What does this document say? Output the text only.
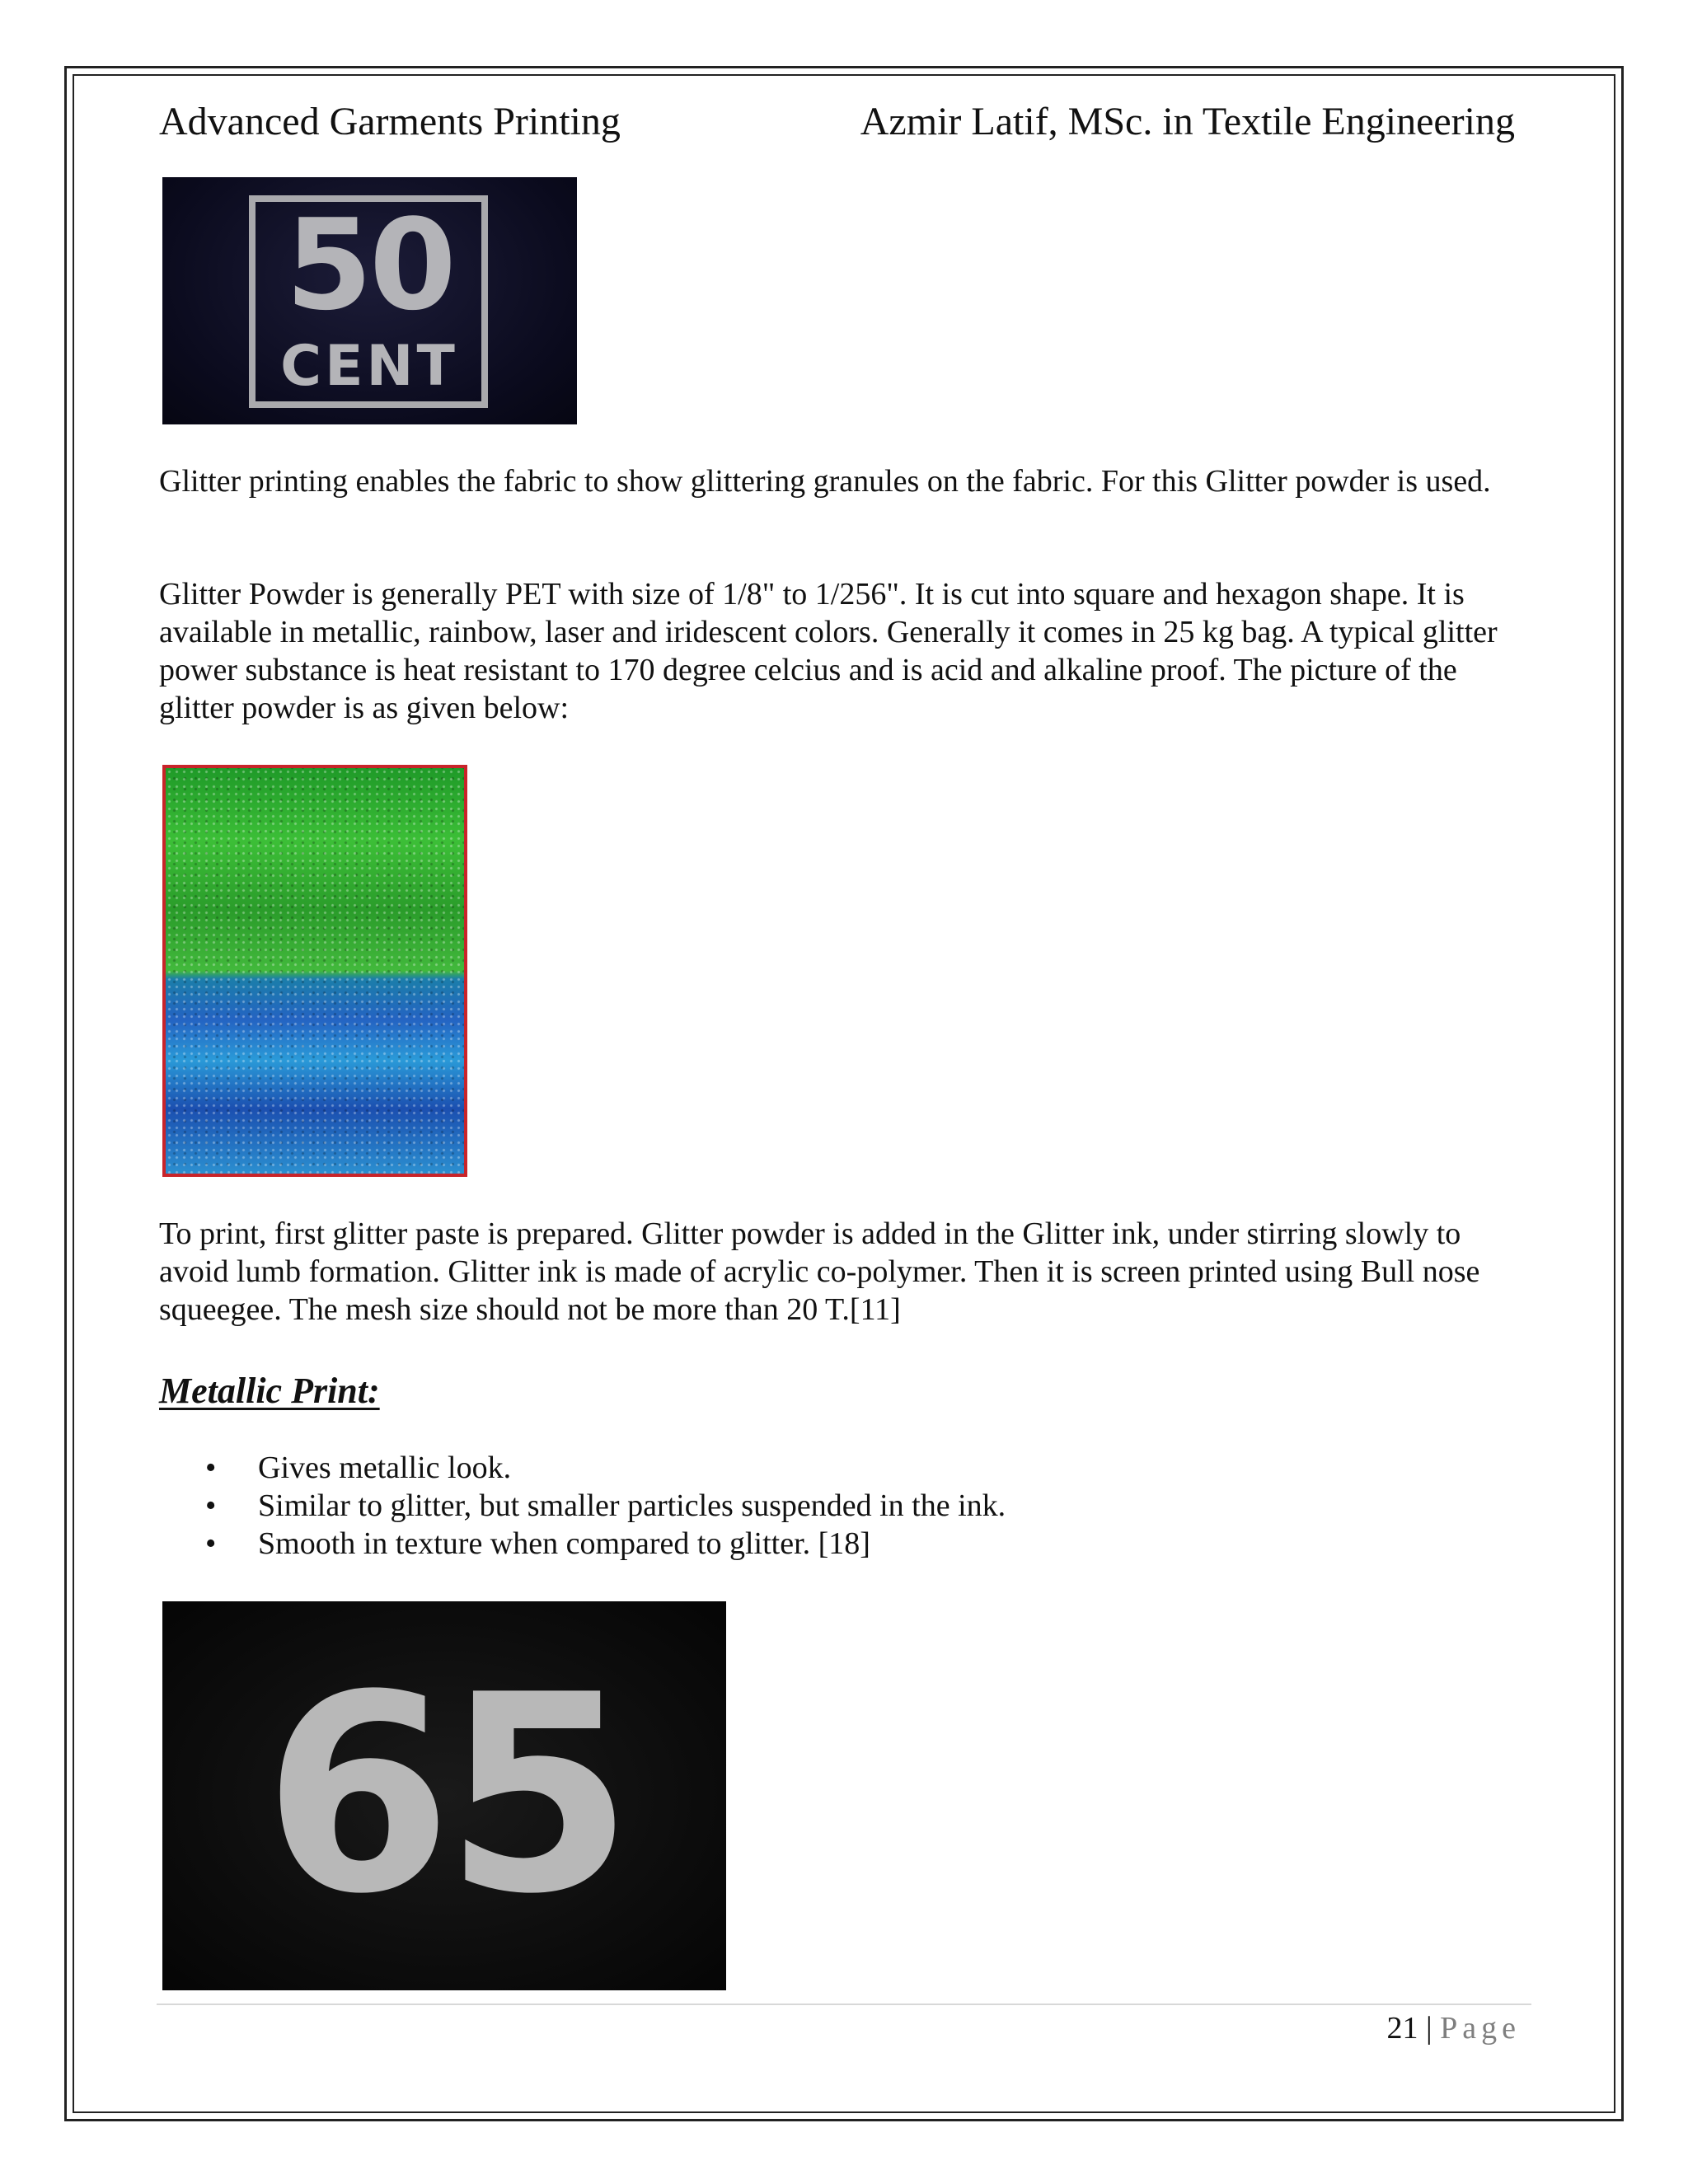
Advanced Garments Printing	Azmir Latif, MSc. in Textile Engineering
50
CENT

Glitter printing enables the fabric to show glittering granules on the fabric. For this Glitter powder is used.

Glitter Powder is generally PET with size of 1/8" to 1/256". It is cut into square and hexagon shape. It is available in metallic, rainbow, laser and iridescent colors. Generally it comes in 25 kg bag. A typical glitter power substance is heat resistant to 170 degree celcius and is acid and alkaline proof. The picture of the glitter powder is as given below:

To print, first glitter paste is prepared. Glitter powder is added in the Glitter ink, under stirring slowly to avoid lumb formation. Glitter ink is made of acrylic co-polymer. Then it is screen printed using Bull nose squeegee. The mesh size should not be more than 20 T.[11]

Metallic Print:
• Gives metallic look.
• Similar to glitter, but smaller particles suspended in the ink.
• Smooth in texture when compared to glitter. [18]
65
21 | Page
